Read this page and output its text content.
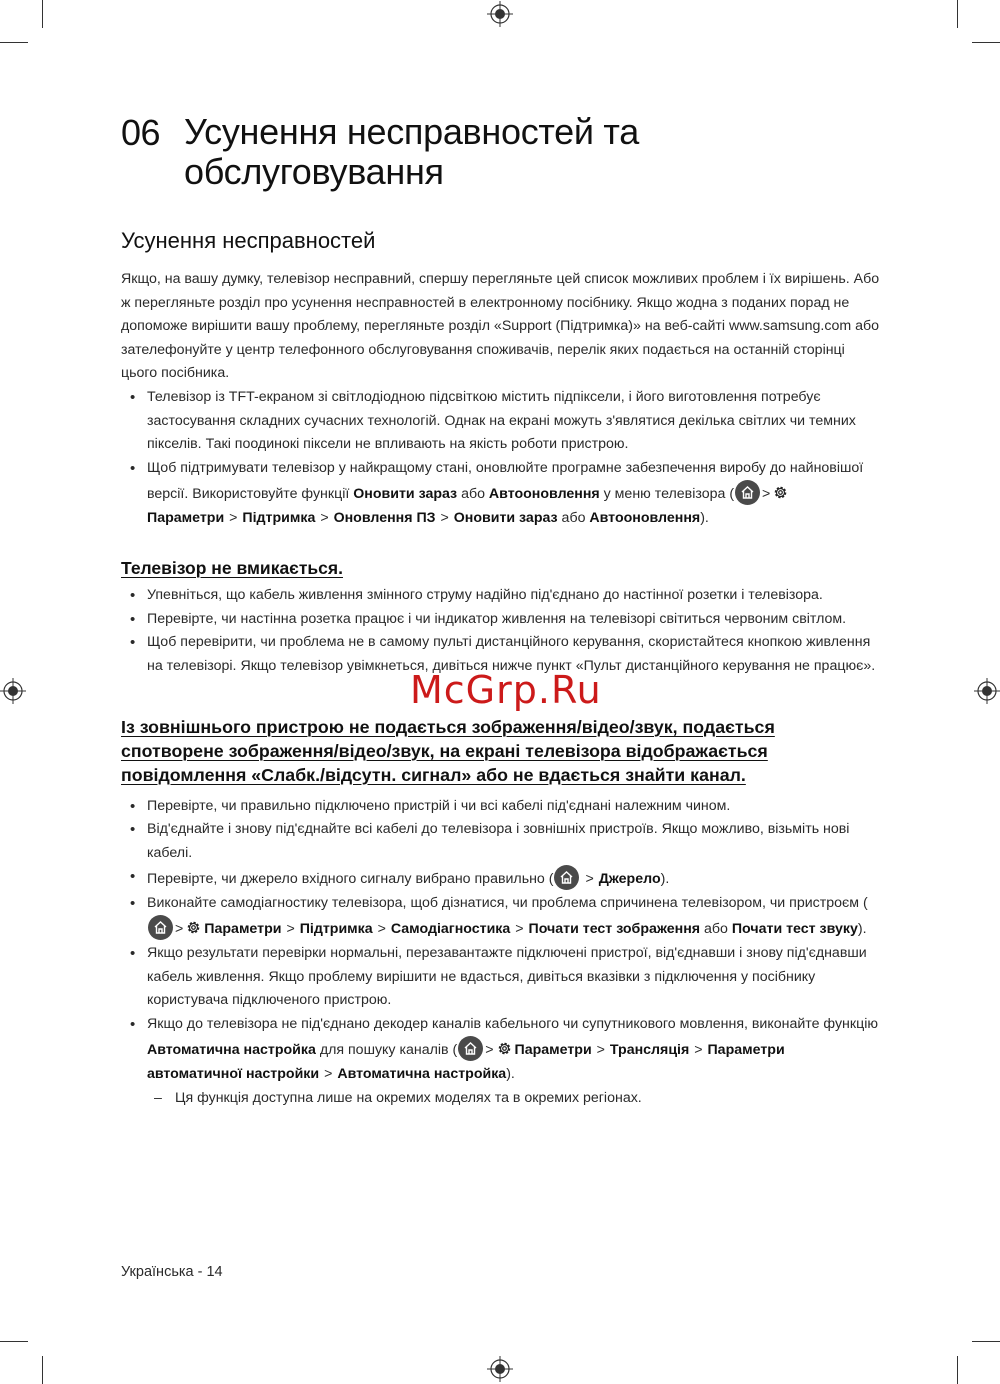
06 Усунення несправностей та обслуговування
Усунення несправностей

Якщо, на вашу думку, телевізор несправний, спершу перегляньте цей список можливих проблем і їх вирішень. Або ж перегляньте розділ про усунення несправностей в електронному посібнику. Якщо жодна з поданих порад не допоможе вирішити вашу проблему, перегляньте розділ «Support (Підтримка)» на веб-сайті www.samsung.com або зателефонуйте у центр телефонного обслуговування споживачів, перелік яких подається на останній сторінці цього посібника.

• Телевізор із TFT-екраном зі світлодіодною підсвіткою містить підпіксели, і його виготовлення потребує застосування складних сучасних технологій. Однак на екрані можуть з'являтися декілька світлих чи темних пікселів. Такі поодинокі піксели не впливають на якість роботи пристрою.
• Щоб підтримувати телевізор у найкращому стані, оновлюйте програмне забезпечення виробу до найновішої версії. Використовуйте функції Оновити зараз або Автооновлення у меню телевізора ( >
Параметри > Підтримка > Оновлення ПЗ > Оновити зараз або Автооновлення).
Телевізор не вмикається.
• Упевніться, що кабель живлення змінного струму надійно під'єднано до настінної розетки і телевізора.
• Перевірте, чи настінна розетка працює і чи індикатор живлення на телевізорі світиться червоним світлом.
• Щоб перевірити, чи проблема не в самому пульті дистанційного керування, скористайтеся кнопкою живлення на телевізорі. Якщо телевізор увімкнеться, дивіться нижче пункт «Пульт дистанційного керування не працює».
Із зовнішнього пристрою не подається зображення/відео/звук, подається спотворене зображення/відео/звук, на екрані телевізора відображається повідомлення «Слабк./відсутн. сигнал» або не вдається знайти канал.
• Перевірте, чи правильно підключено пристрій і чи всі кабелі під'єднані належним чином.
• Від'єднайте і знову під'єднайте всі кабелі до телевізора і зовнішніх пристроїв. Якщо можливо, візьміть нові кабелі.
• Перевірте, чи джерело вхідного сигналу вибрано правильно ( > Джерело).
• Виконайте самодіагностику телевізора, щоб дізнатися, чи проблема спричинена телевізором, чи пристроєм (
> Параметри > Підтримка > Самодіагностика > Почати тест зображення або Почати тест звуку).
• Якщо результати перевірки нормальні, перезавантажте підключені пристрої, від'єднавши і знову під'єднавши кабель живлення. Якщо проблему вирішити не вдасться, дивіться вказівки з підключення у посібнику користувача підключеного пристрою.
• Якщо до телевізора не під'єднано декодер каналів кабельного чи супутникового мовлення, виконайте функцію Автоматична настройка для пошуку каналів ( > Параметри > Трансляція > Параметри автоматичної настройки > Автоматична настройка).
– Ця функція доступна лише на окремих моделях та в окремих регіонах.
McGrp.Ru
Українська - 14
